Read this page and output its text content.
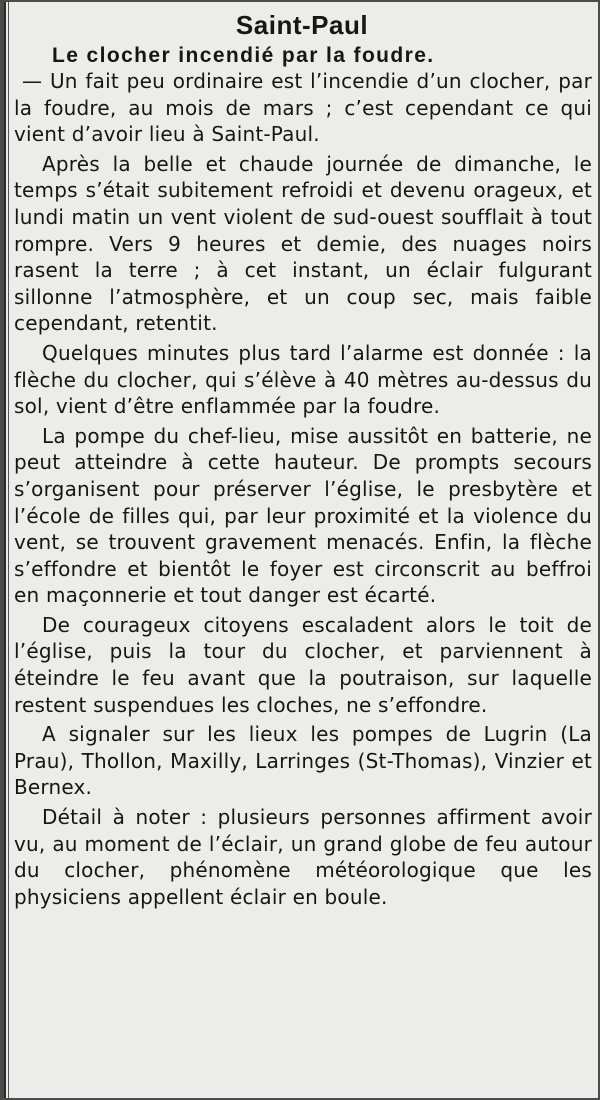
Saint-Paul
Le clocher incendié par la foudre.

— Un fait peu ordinaire est l’incendie d’un clocher, par la foudre, au mois de mars ; c’est cependant ce qui vient d’avoir lieu à Saint-Paul.

Après la belle et chaude journée de dimanche, le temps s’était subitement refroidi et devenu orageux, et lundi matin un vent violent de sud-ouest soufflait à tout rompre. Vers 9 heures et demie, des nuages noirs rasent la terre ; à cet instant, un éclair fulgurant sillonne l’atmosphère, et un coup sec, mais faible cependant, retentit.

Quelques minutes plus tard l’alarme est donnée : la flèche du clocher, qui s’élève à 40 mètres au-dessus du sol, vient d’être enflammée par la foudre.

La pompe du chef-lieu, mise aussitôt en batterie, ne peut atteindre à cette hauteur. De prompts secours s’organisent pour préserver l’église, le presbytère et l’école de filles qui, par leur proximité et la violence du vent, se trouvent gravement menacés. Enfin, la flèche s’effondre et bientôt le foyer est circonscrit au beffroi en maçonnerie et tout danger est écarté.

De courageux citoyens escaladent alors le toit de l’église, puis la tour du clocher, et parviennent à éteindre le feu avant que la poutraison, sur laquelle restent suspendues les cloches, ne s’effondre.

A signaler sur les lieux les pompes de Lugrin (La Prau), Thollon, Maxilly, Larringes (St-Thomas), Vinzier et Bernex.

Détail à noter : plusieurs personnes affirment avoir vu, au moment de l’éclair, un grand globe de feu autour du clocher, phénomène météorologique que les physiciens appellent éclair en boule.
